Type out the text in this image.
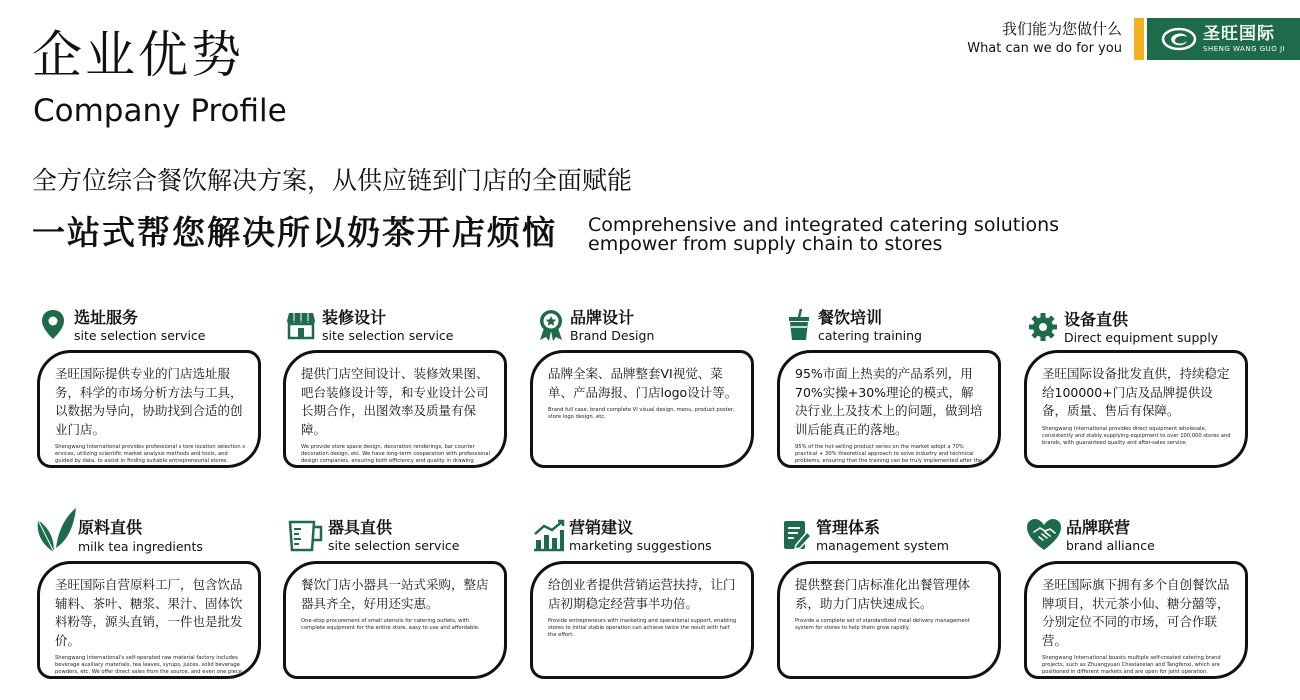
企业优势
Company Profile
我们能为您做什么
What can we do for you
圣旺国际
SHENG WANG GUO JI
全方位综合餐饮解决方案，从供应链到门店的全面赋能
一站式帮您解决所以奶茶开店烦恼 Comprehensive and integrated catering solutions
empower from supply chain to stores
选址服务
site selection service
圣旺国际提供专业的门店选址服务，科学的市场分析方法与工具，以数据为导向，协助找到合适的创业门店。
Shengwang International provides professional s tore location selection s ervices, utilizing scientific market analysis methods and tools, and guided by data, to assist in finding suitable entrepreneurial stores.
装修设计
site selection service
提供门店空间设计、装修效果图、吧台装修设计等，和专业设计公司长期合作，出图效率及质量有保障。
We provide store space design, decoration renderings, bar counter decoration design, etc. We have long-term cooperation with professional design companies, ensuring both efficiency and quality in drawing production.
品牌设计
Brand Design
品牌全案、品牌整套VI视觉、菜单、产品海报、门店logo设计等。
Brand full case, brand complete VI visual design, menu, product poster, store logo design, etc.
餐饮培训
catering training
95%市面上热卖的产品系列，用70%实操+30%理论的模式，解决行业上及技术上的问题，做到培训后能真正的落地。
95% of the hot-selling product series on the market adopt a 70% practical + 30% theoretical approach to solve industry and technical problems, ensuring that the training can be truly implemented after the training.
设备直供
Direct equipment supply
圣旺国际设备批发直供，持续稳定给100000+门店及品牌提供设备，质量、售后有保障。
Shengwang International provides direct equipment wholesale, consistently and stably supplying equipment to over 100,000 stores and brands, with guaranteed quality and after-sales service.
原料直供
milk tea ingredients
圣旺国际自营原料工厂，包含饮品辅料、茶叶、糖浆、果汁、固体饮料粉等，源头直销，一件也是批发价。
Shengwang International's self-operated raw material factory includes beverage auxiliary materials, tea leaves, syrups, juices, solid beverage powders, etc. We offer direct sales from the source, and even one piece is available at wholesale prices.
器具直供
site selection service
餐饮门店小器具一站式采购，整店器具齐全，好用还实惠。
One-stop procurement of small utensils for catering outlets, with complete equipment for the entire store, easy to use and affordable.
营销建议
marketing suggestions
给创业者提供营销运营扶持，让门店初期稳定经营事半功倍。
Provide entrepreneurs with marketing and operational support, enabling stores to initial stable operation can achieve twice the result with half the effort.
管理体系
management system
提供整套门店标准化出餐管理体系，助力门店快速成长。
Provide a complete set of standardized meal delivery management system for stores to help them grow rapidly.
品牌联营
brand alliance
圣旺国际旗下拥有多个自创餐饮品牌项目，状元茶小仙、糖分囍等，分别定位不同的市场，可合作联营。
Shengwang International boasts multiple self-created catering brand projects, such as Zhuangyuan Chaxiaoxian and Tangfenxi, which are positioned in different markets and are open for joint operation.
